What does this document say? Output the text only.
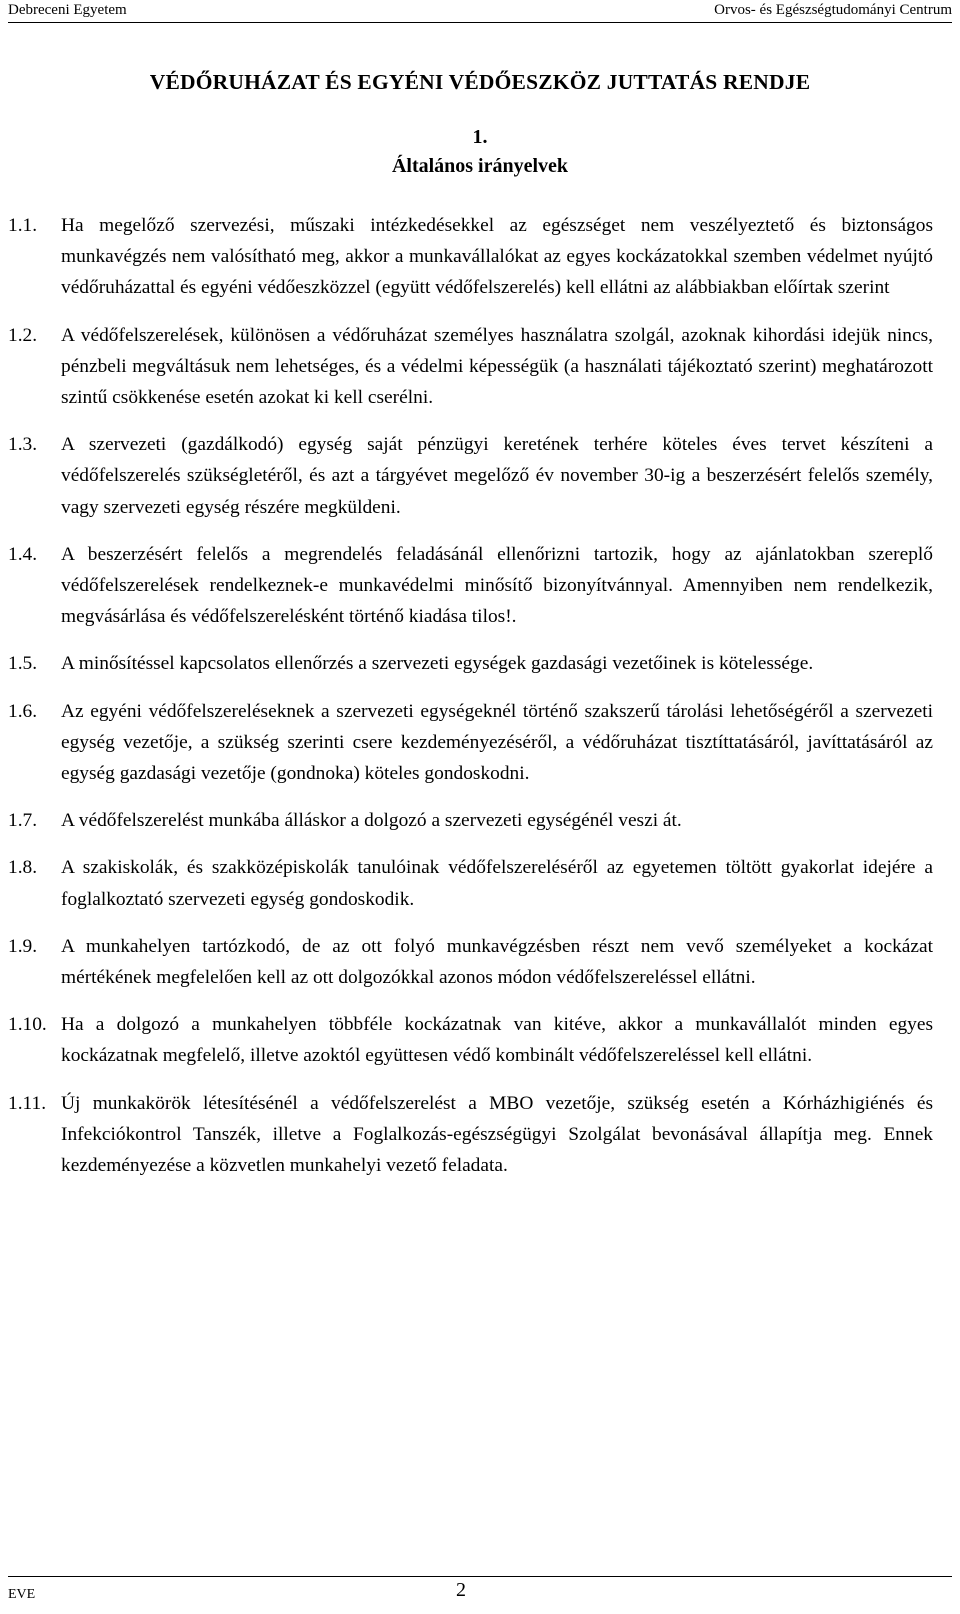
Debreceni Egyetem	Orvos- és Egészségtudományi Centrum
VÉDŐRUHÁZAT ÉS EGYÉNI VÉDŐESZKÖZ JUTTATÁS RENDJE
1.
Általános irányelvek
1.1. Ha megelőző szervezési, műszaki intézkedésekkel az egészséget nem veszélyeztető és biztonságos munkavégzés nem valósítható meg, akkor a munkavállalókat az egyes kockázatokkal szemben védelmet nyújtó védőruházattal és egyéni védőeszközzel (együtt védőfelszerelés) kell ellátni az alábbiakban előírtak szerint
1.2. A védőfelszerelések, különösen a védőruházat személyes használatra szolgál, azoknak kihordási idejük nincs, pénzbeli megváltásuk nem lehetséges, és a védelmi képességük (a használati tájékoztató szerint) meghatározott szintű csökkenése esetén azokat ki kell cserélni.
1.3. A szervezeti (gazdálkodó) egység saját pénzügyi keretének terhére köteles éves tervet készíteni a védőfelszerelés szükségletéről, és azt a tárgyévet megelőző év november 30-ig a beszerzésért felelős személy, vagy szervezeti egység részére megküldeni.
1.4. A beszerzésért felelős a megrendelés feladásánál ellenőrizni tartozik, hogy az ajánlatokban szereplő védőfelszerelések rendelkeznek-e munkavédelmi minősítő bizonyítvánnyal. Amennyiben nem rendelkezik, megvásárlása és védőfelszerelésként történő kiadása tilos!.
1.5. A minősítéssel kapcsolatos ellenőrzés a szervezeti egységek gazdasági vezetőinek is kötelessége.
1.6. Az egyéni védőfelszereléseknek a szervezeti egységeknél történő szakszerű tárolási lehetőségéről a szervezeti egység vezetője, a szükség szerinti csere kezdeményezéséről, a védőruházat tisztíttatásáról, javíttatásáról az egység gazdasági vezetője (gondnoka) köteles gondoskodni.
1.7. A védőfelszerelést munkába álláskor a dolgozó a szervezeti egységénél veszi át.
1.8. A szakiskolák, és szakközépiskolák tanulóinak védőfelszereléséről az egyetemen töltött gyakorlat idejére a foglalkoztató szervezeti egység gondoskodik.
1.9. A munkahelyen tartózkodó, de az ott folyó munkavégzésben részt nem vevő személyeket a kockázat mértékének megfelelően kell az ott dolgozókkal azonos módon védőfelszereléssel ellátni.
1.10. Ha a dolgozó a munkahelyen többféle kockázatnak van kitéve, akkor a munkavállalót minden egyes kockázatnak megfelelő, illetve azoktól együttesen védő kombinált védőfelszereléssel kell ellátni.
1.11. Új munkakörök létesítésénél a védőfelszerelést a MBO vezetője, szükség esetén a Kórházhigiénés és Infekciókontrol Tanszék, illetve a Foglalkozás-egészségügyi Szolgálat bevonásával állapítja meg. Ennek kezdeményezése a közvetlen munkahelyi vezető feladata.
EVE	2
